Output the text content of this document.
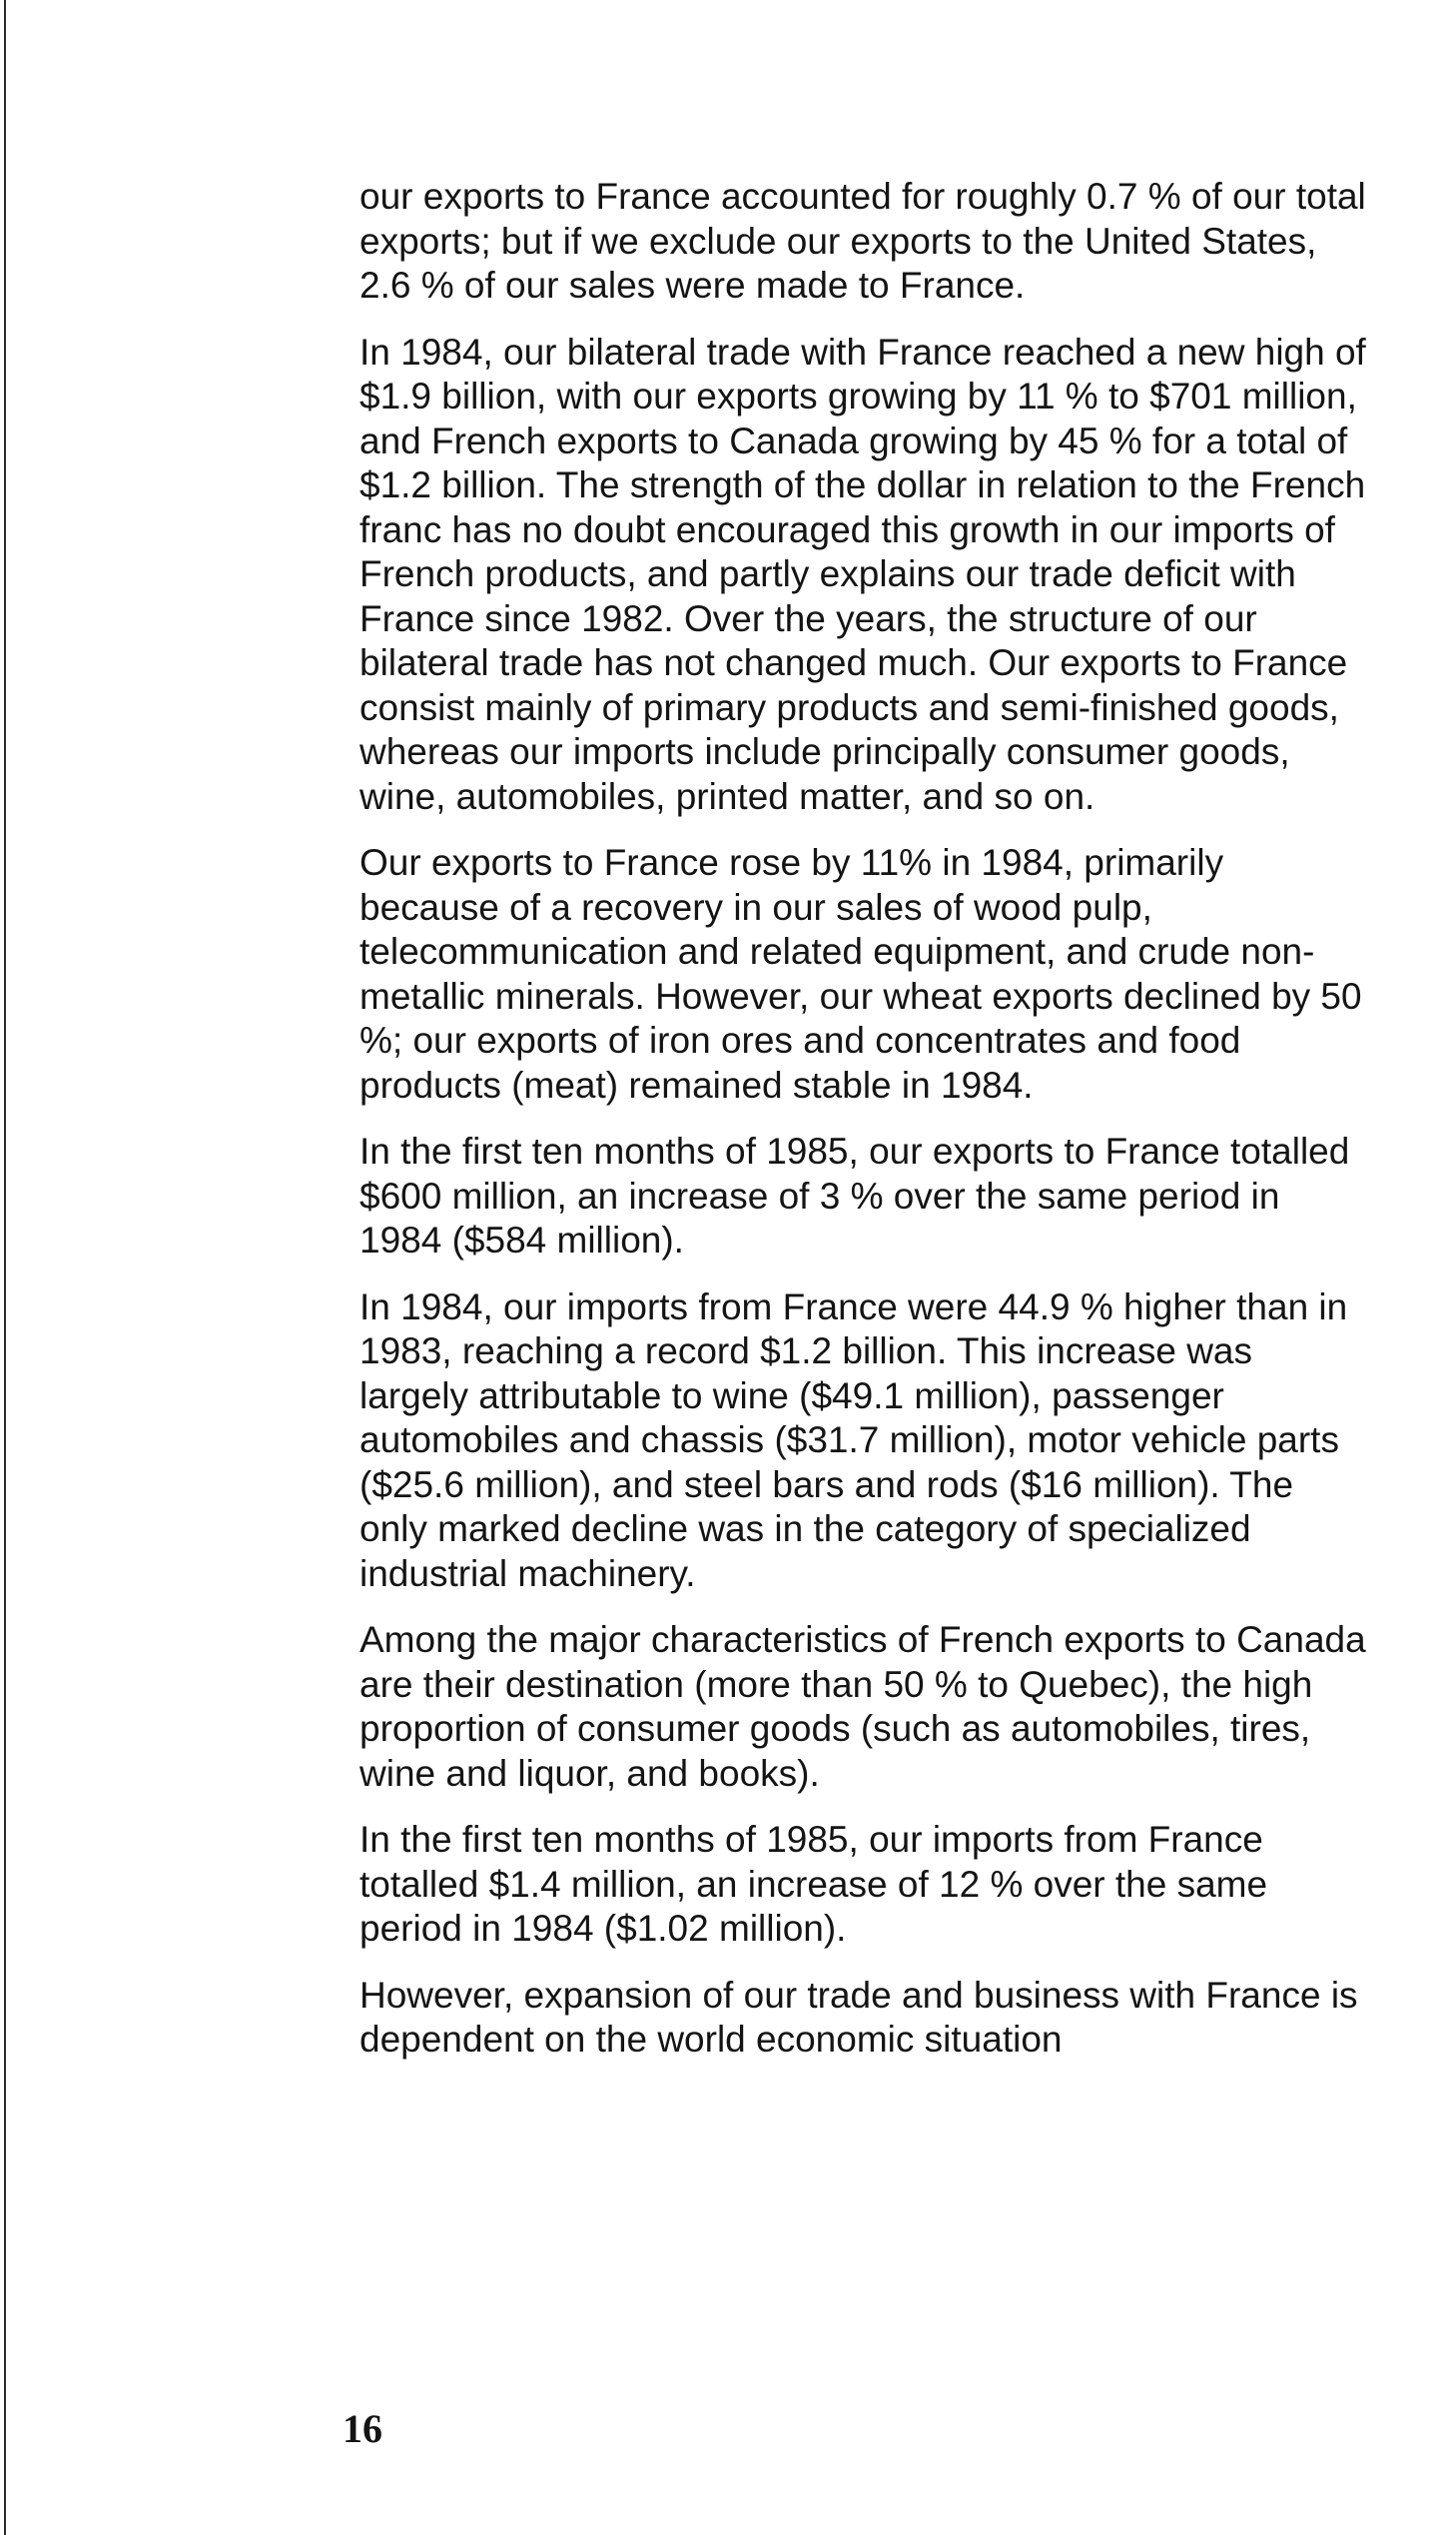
our exports to France accounted for roughly 0.7 % of our total exports; but if we exclude our exports to the United States, 2.6 % of our sales were made to France.

In 1984, our bilateral trade with France reached a new high of $1.9 billion, with our exports growing by 11 % to $701 million, and French exports to Canada growing by 45 % for a total of $1.2 billion. The strength of the dollar in relation to the French franc has no doubt encouraged this growth in our imports of French products, and partly explains our trade deficit with France since 1982. Over the years, the structure of our bilateral trade has not changed much. Our exports to France consist mainly of primary products and semi-finished goods, whereas our imports include principally consumer goods, wine, automobiles, printed matter, and so on.

Our exports to France rose by 11% in 1984, primarily because of a recovery in our sales of wood pulp, telecommunication and related equipment, and crude non-metallic minerals. However, our wheat exports declined by 50 %; our exports of iron ores and concentrates and food products (meat) remained stable in 1984.

In the first ten months of 1985, our exports to France totalled $600 million, an increase of 3 % over the same period in 1984 ($584 million).

In 1984, our imports from France were 44.9 % higher than in 1983, reaching a record $1.2 billion. This increase was largely attributable to wine ($49.1 million), passenger automobiles and chassis ($31.7 million), motor vehicle parts ($25.6 million), and steel bars and rods ($16 million). The only marked decline was in the category of specialized industrial machinery.

Among the major characteristics of French exports to Canada are their destination (more than 50 % to Quebec), the high proportion of consumer goods (such as automobiles, tires, wine and liquor, and books).

In the first ten months of 1985, our imports from France totalled $1.4 million, an increase of 12 % over the same period in 1984 ($1.02 million).

However, expansion of our trade and business with France is dependent on the world economic situation

16
